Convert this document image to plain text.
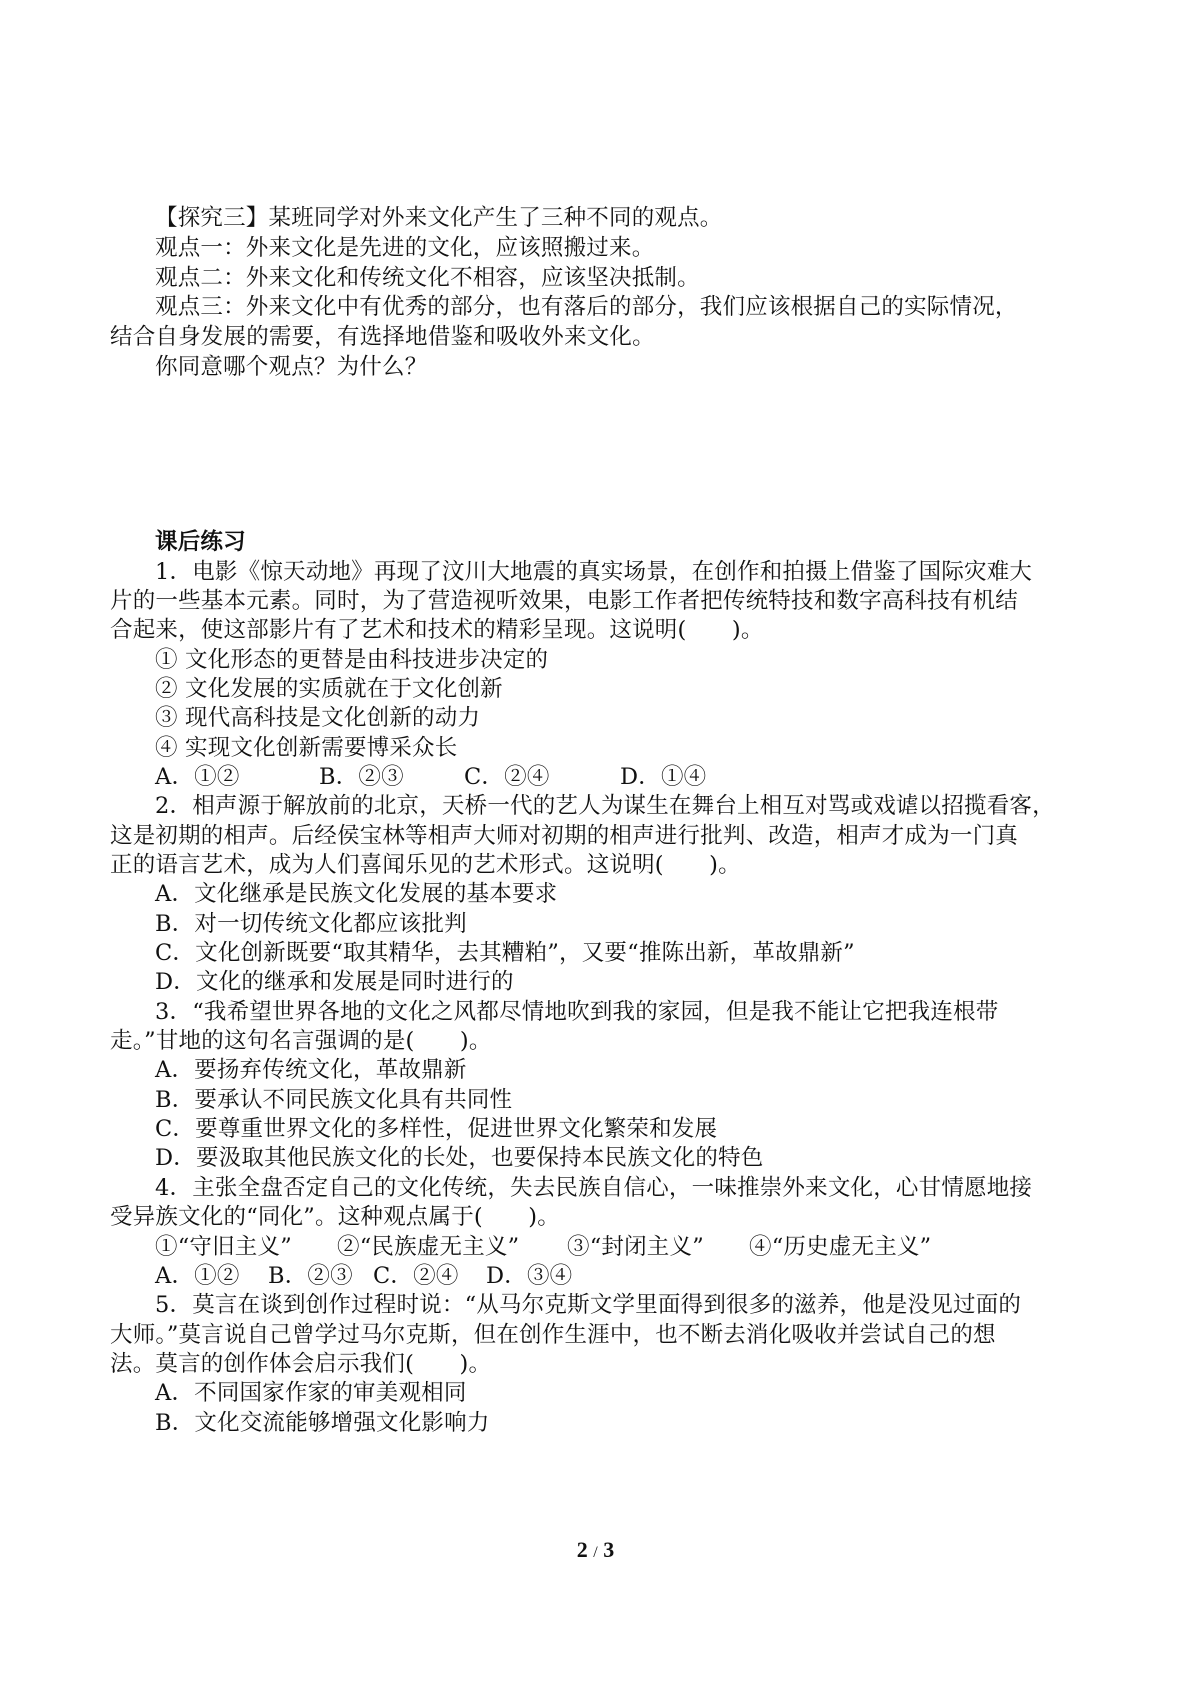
【探究三】某班同学对外来文化产生了三种不同的观点。
观点一：外来文化是先进的文化，应该照搬过来。
观点二：外来文化和传统文化不相容，应该坚决抵制。
观点三：外来文化中有优秀的部分，也有落后的部分，我们应该根据自己的实际情况，
结合自身发展的需要，有选择地借鉴和吸收外来文化。
你同意哪个观点？为什么？
课后练习
1．电影《惊天动地》再现了汶川大地震的真实场景，在创作和拍摄上借鉴了国际灾难大
片的一些基本元素。同时，为了营造视听效果，电影工作者把传统特技和数字高科技有机结
合起来，使这部影片有了艺术和技术的精彩呈现。这说明(　　)。
① 文化形态的更替是由科技进步决定的
② 文化发展的实质就在于文化创新
③ 现代高科技是文化创新的动力
④ 实现文化创新需要博采众长
A．①②	B．②③	C．②④	D．①④
2．相声源于解放前的北京，天桥一代的艺人为谋生在舞台上相互对骂或戏谑以招揽看客，
这是初期的相声。后经侯宝林等相声大师对初期的相声进行批判、改造，相声才成为一门真
正的语言艺术，成为人们喜闻乐见的艺术形式。这说明(　　)。
A．文化继承是民族文化发展的基本要求
B．对一切传统文化都应该批判
C．文化创新既要“取其精华，去其糟粕”，又要“推陈出新，革故鼎新”
D．文化的继承和发展是同时进行的
3．“我希望世界各地的文化之风都尽情地吹到我的家园，但是我不能让它把我连根带
走。”甘地的这句名言强调的是(　　)。
A．要扬弃传统文化，革故鼎新
B．要承认不同民族文化具有共同性
C．要尊重世界文化的多样性，促进世界文化繁荣和发展
D．要汲取其他民族文化的长处，也要保持本民族文化的特色
4．主张全盘否定自己的文化传统，失去民族自信心，一味推崇外来文化，心甘情愿地接
受异族文化的“同化”。这种观点属于(　　)。
①“守旧主义” ②“民族虚无主义” ③“封闭主义” ④“历史虚无主义”
A．①② B．②③ C．②④ D．③④
5．莫言在谈到创作过程时说：“从马尔克斯文学里面得到很多的滋养，他是没见过面的
大师。”莫言说自己曾学过马尔克斯，但在创作生涯中，也不断去消化吸收并尝试自己的想
法。莫言的创作体会启示我们(　　)。
A．不同国家作家的审美观相同
B．文化交流能够增强文化影响力
2 / 3
